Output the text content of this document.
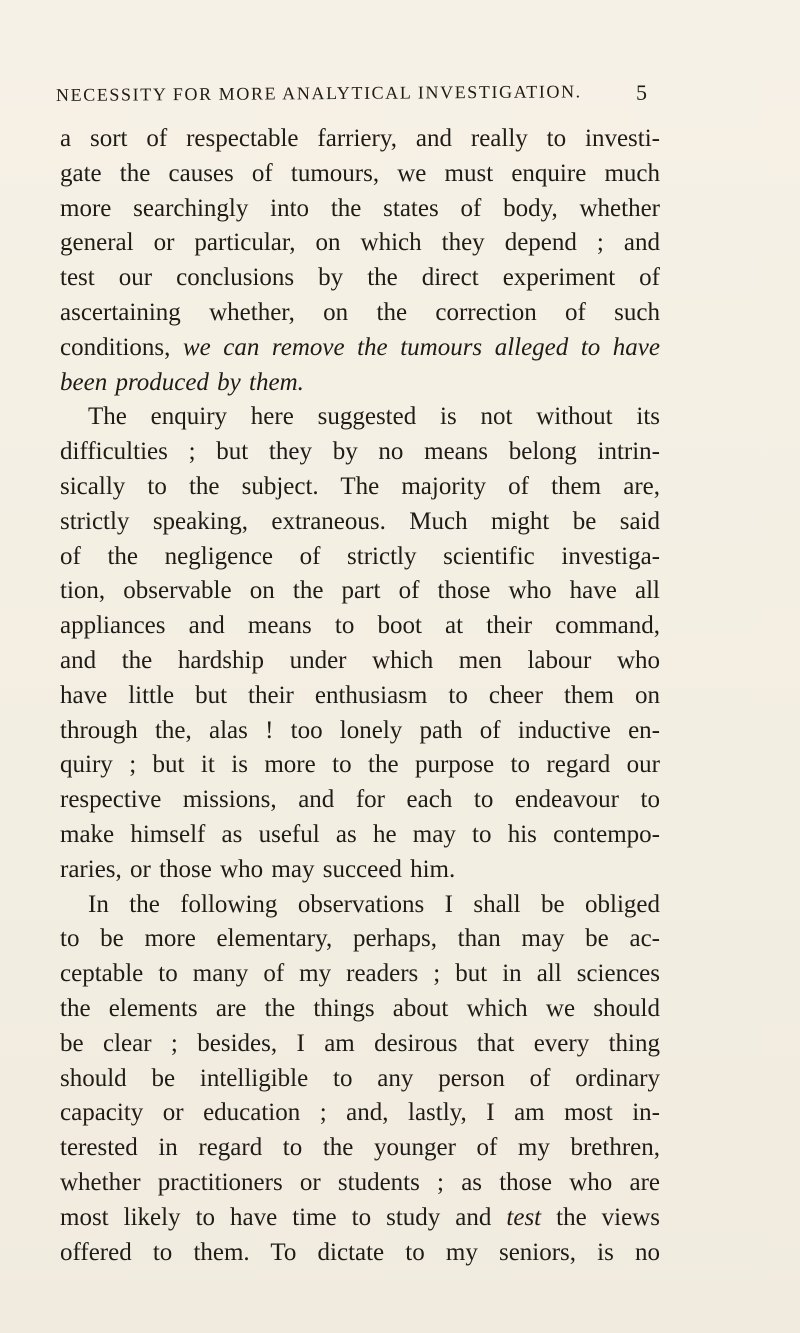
NECESSITY FOR MORE ANALYTICAL INVESTIGATION.	5
a sort of respectable farriery, and really to investi-
gate the causes of tumours, we must enquire much
more searchingly into the states of body, whether
general or particular, on which they depend ; and
test our conclusions by the direct experiment of
ascertaining whether, on the correction of such
conditions, we can remove the tumours alleged to have
been produced by them.
The enquiry here suggested is not without its
difficulties ; but they by no means belong intrin-
sically to the subject. The majority of them are,
strictly speaking, extraneous. Much might be said
of the negligence of strictly scientific investiga-
tion, observable on the part of those who have all
appliances and means to boot at their command,
and the hardship under which men labour who
have little but their enthusiasm to cheer them on
through the, alas ! too lonely path of inductive en-
quiry ; but it is more to the purpose to regard our
respective missions, and for each to endeavour to
make himself as useful as he may to his contempo-
raries, or those who may succeed him.
In the following observations I shall be obliged
to be more elementary, perhaps, than may be ac-
ceptable to many of my readers ; but in all sciences
the elements are the things about which we should
be clear ; besides, I am desirous that every thing
should be intelligible to any person of ordinary
capacity or education ; and, lastly, I am most in-
terested in regard to the younger of my brethren,
whether practitioners or students ; as those who are
most likely to have time to study and test the views
offered to them. To dictate to my seniors, is no
